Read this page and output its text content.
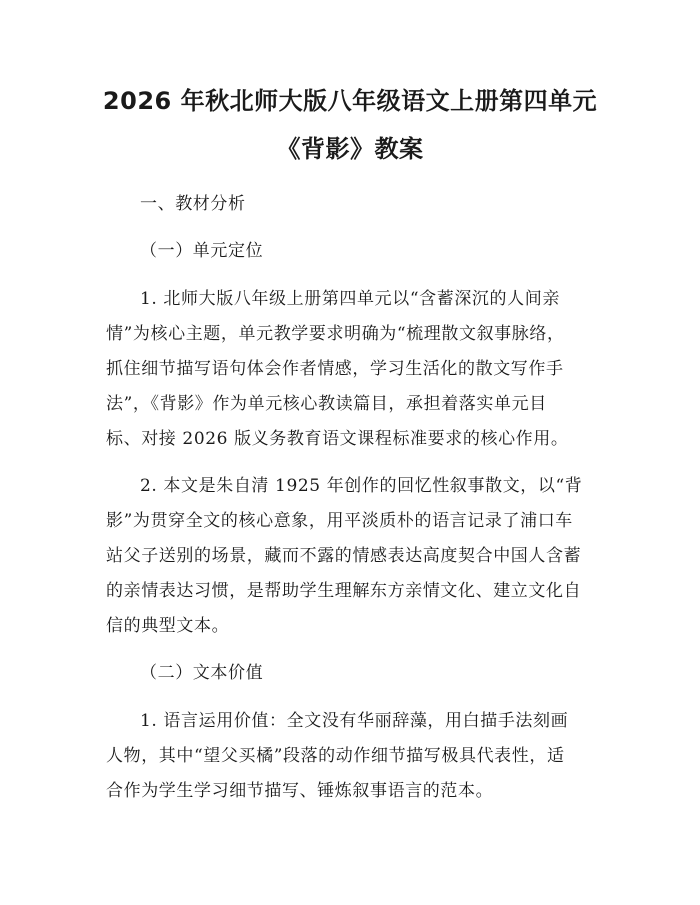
2026 年秋北师大版八年级语文上册第四单元
《背影》教案
一、教材分析
（一）单元定位
1. 北师大版八年级上册第四单元以“含蓄深沉的人间亲
情”为核心主题，单元教学要求明确为“梳理散文叙事脉络，
抓住细节描写语句体会作者情感，学习生活化的散文写作手
法”，《背影》作为单元核心教读篇目，承担着落实单元目
标、对接 2026 版义务教育语文课程标准要求的核心作用。
2. 本文是朱自清 1925 年创作的回忆性叙事散文，以“背
影”为贯穿全文的核心意象，用平淡质朴的语言记录了浦口车
站父子送别的场景，藏而不露的情感表达高度契合中国人含蓄
的亲情表达习惯，是帮助学生理解东方亲情文化、建立文化自
信的典型文本。
（二）文本价值
1. 语言运用价值：全文没有华丽辞藻，用白描手法刻画
人物，其中“望父买橘”段落的动作细节描写极具代表性，适
合作为学生学习细节描写、锤炼叙事语言的范本。
